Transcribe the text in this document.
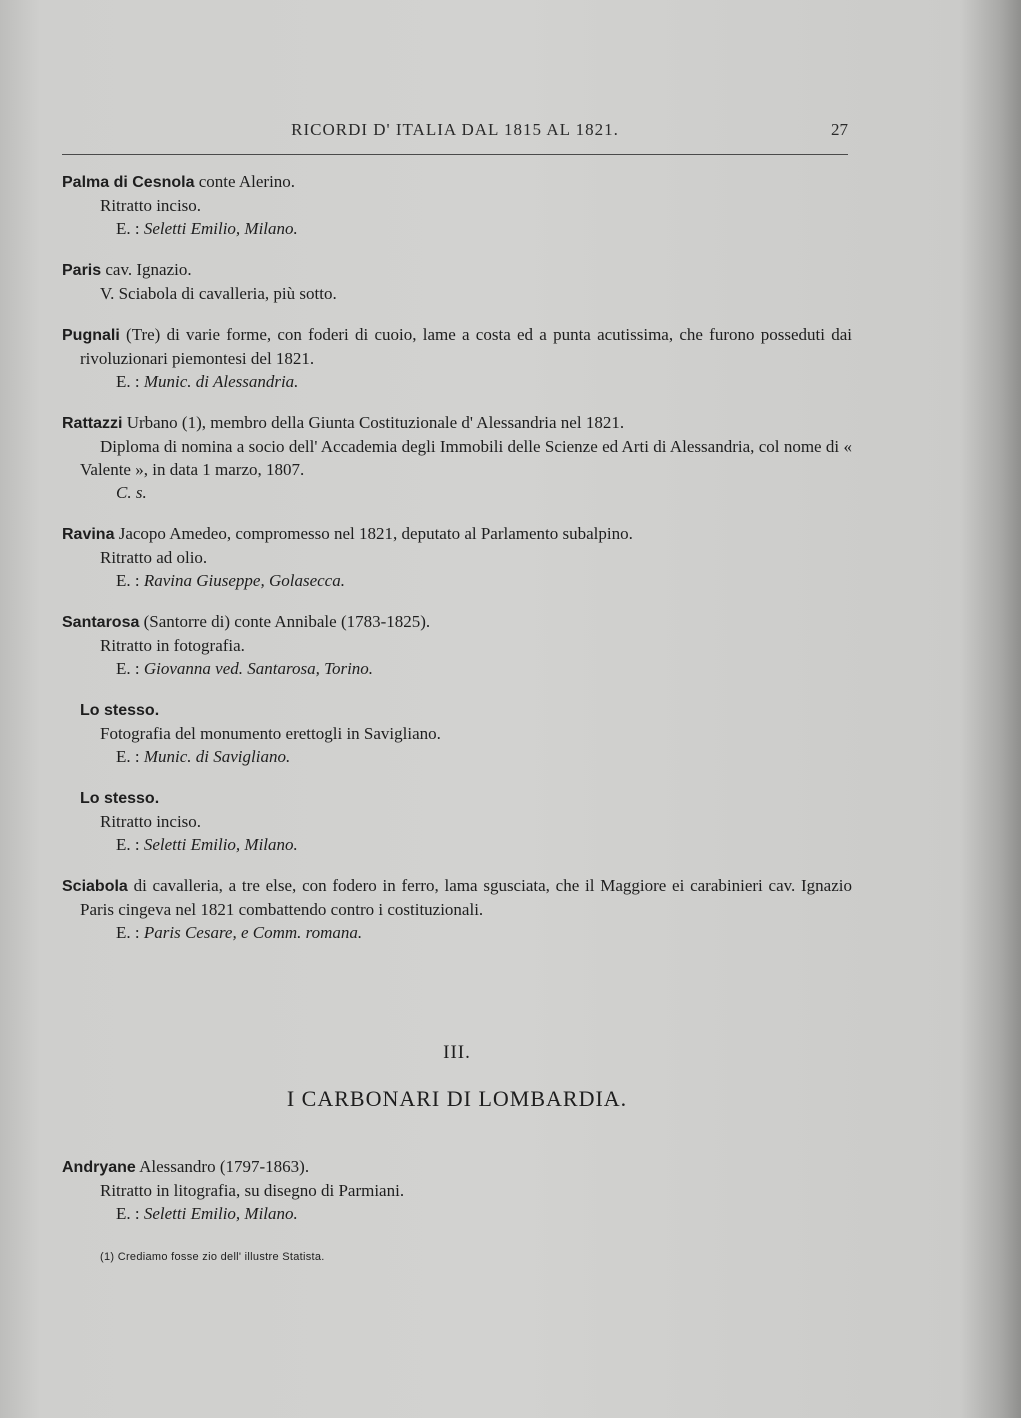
RICORDI D' ITALIA DAL 1815 AL 1821.	27

Palma di Cesnola conte Alerino.

Ritratto inciso.

E. : Seletti Emilio, Milano.

Paris cav. Ignazio.

V. Sciabola di cavalleria, più sotto.

Pugnali (Tre) di varie forme, con foderi di cuoio, lame a costa ed a punta acutissima, che furono posseduti dai rivoluzionari piemontesi del 1821.

E. : Munic. di Alessandria.

Rattazzi Urbano (1), membro della Giunta Costituzionale d' Alessandria nel 1821.

Diploma di nomina a socio dell' Accademia degli Immobili delle Scienze ed Arti di Alessandria, col nome di « Valente », in data 1 marzo, 1807.

C. s.

Ravina Jacopo Amedeo, compromesso nel 1821, deputato al Parlamento subalpino.

Ritratto ad olio.

E. : Ravina Giuseppe, Golasecca.

Santarosa (Santorre di) conte Annibale (1783-1825).

Ritratto in fotografia.

E. : Giovanna ved. Santarosa, Torino.

Lo stesso.

Fotografia del monumento erettogli in Savigliano.

E. : Munic. di Savigliano.

Lo stesso.

Ritratto inciso.

E. : Seletti Emilio, Milano.

Sciabola di cavalleria, a tre else, con fodero in ferro, lama sgusciata, che il Maggiore ei carabinieri cav. Ignazio Paris cingeva nel 1821 combattendo contro i costituzionali.

E. : Paris Cesare, e Comm. romana.

III.

I CARBONARI DI LOMBARDIA.

Andryane Alessandro (1797-1863).

Ritratto in litografia, su disegno di Parmiani.

E. : Seletti Emilio, Milano.

(1) Crediamo fosse zio dell' illustre Statista.
